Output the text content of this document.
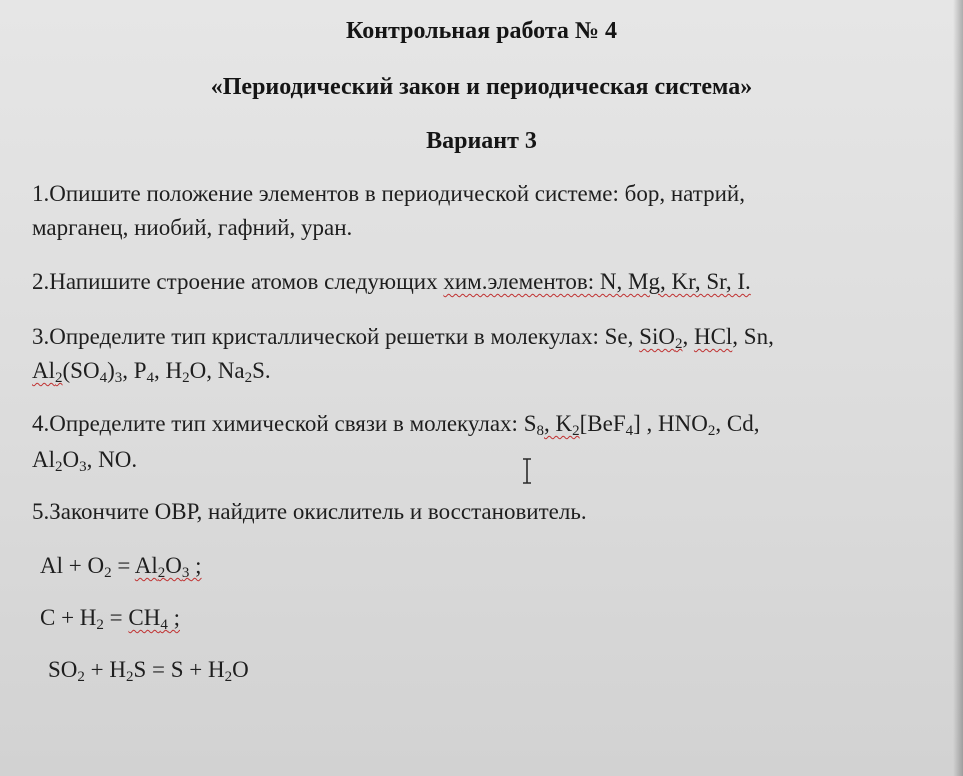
Контрольная работа № 4
«Периодический закон и периодическая система»
Вариант 3
1.Опишите положение элементов в периодической системе: бор, натрий,
марганец, ниобий, гафний, уран.
2.Напишите строение атомов следующих хим.элементов: N, Mg, Kr, Sr, I.
3.Определите тип кристаллической решетки в молекулах: Se, SiO$_2$, HCl, Sn,
$Al_2(SO_4)_3$, $P_4$, $H_2O$, $Na_2S$.
4.Определите тип химической связи в молекулах: $S_8$, $K_2[BeF_4]$ , $HNO_2$, Cd,
$Al_2O_3$, NO.
5.Закончите ОВР, найдите окислитель и восстановитель.
$Al + O_2 = Al_2O_3$ ;
$C + H_2 = CH_4$ ;
$SO_2 + H_2S = S + H_2O$
